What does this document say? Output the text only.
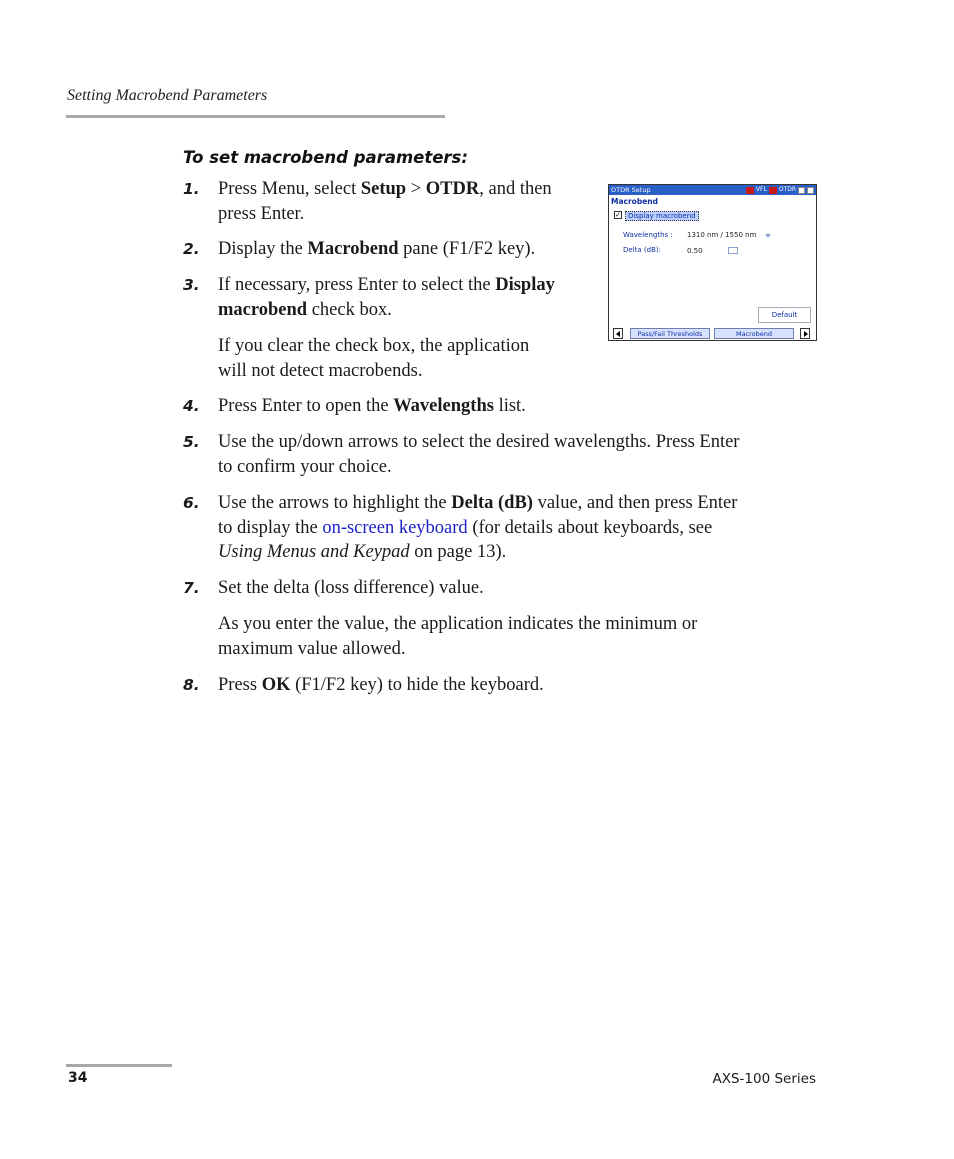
Setting Macrobend Parameters
To set macrobend parameters:
1. Press Menu, select Setup > OTDR, and then
press Enter.
2. Display the Macrobend pane (F1/F2 key).
3. If necessary, press Enter to select the Display
macrobend check box.
If you clear the check box, the application
will not detect macrobends.
4. Press Enter to open the Wavelengths list.
5. Use the up/down arrows to select the desired wavelengths. Press Enter
to confirm your choice.
6. Use the arrows to highlight the Delta (dB) value, and then press Enter
to display the on-screen keyboard (for details about keyboards, see
Using Menus and Keypad on page 13).
7. Set the delta (loss difference) value.
As you enter the value, the application indicates the minimum or
maximum value allowed.
8. Press OK (F1/F2 key) to hide the keyboard.
OTDR Setup	VFL OTDR
Macrobend
✓	Display macrobend
Wavelengths : 1310 nm / 1550 nm
Delta (dB):	0.50
Default
Pass/Fail Thresholds	Macrobend
34	AXS-100 Series
